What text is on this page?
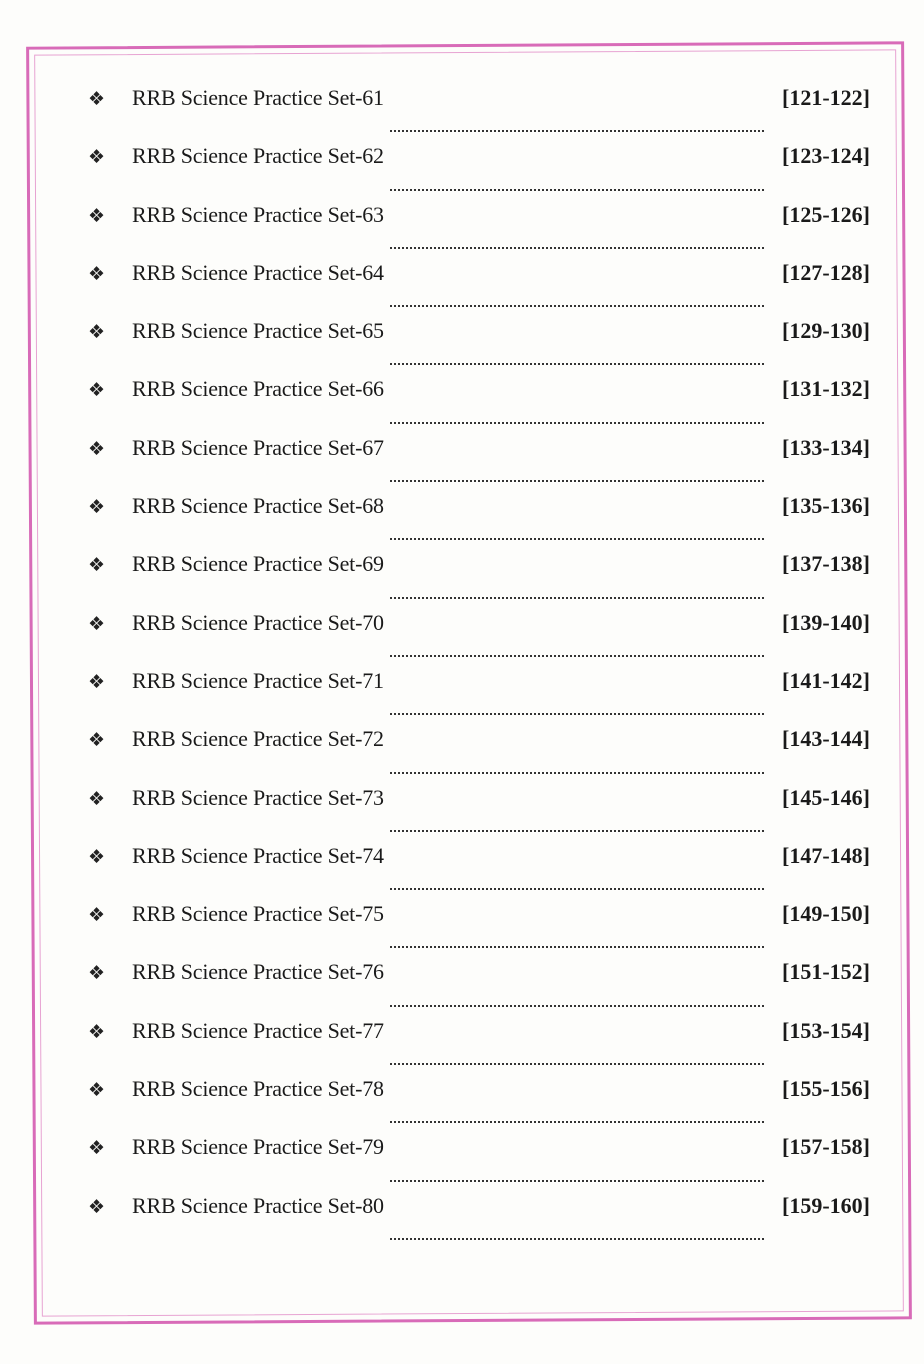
❖	RRB Science Practice Set-61	[121-122]
❖	RRB Science Practice Set-62	[123-124]
❖	RRB Science Practice Set-63	[125-126]
❖	RRB Science Practice Set-64	[127-128]
❖	RRB Science Practice Set-65	[129-130]
❖	RRB Science Practice Set-66	[131-132]
❖	RRB Science Practice Set-67	[133-134]
❖	RRB Science Practice Set-68	[135-136]
❖	RRB Science Practice Set-69	[137-138]
❖	RRB Science Practice Set-70	[139-140]
❖	RRB Science Practice Set-71	[141-142]
❖	RRB Science Practice Set-72	[143-144]
❖	RRB Science Practice Set-73	[145-146]
❖	RRB Science Practice Set-74	[147-148]
❖	RRB Science Practice Set-75	[149-150]
❖	RRB Science Practice Set-76	[151-152]
❖	RRB Science Practice Set-77	[153-154]
❖	RRB Science Practice Set-78	[155-156]
❖	RRB Science Practice Set-79	[157-158]
❖	RRB Science Practice Set-80	[159-160]
